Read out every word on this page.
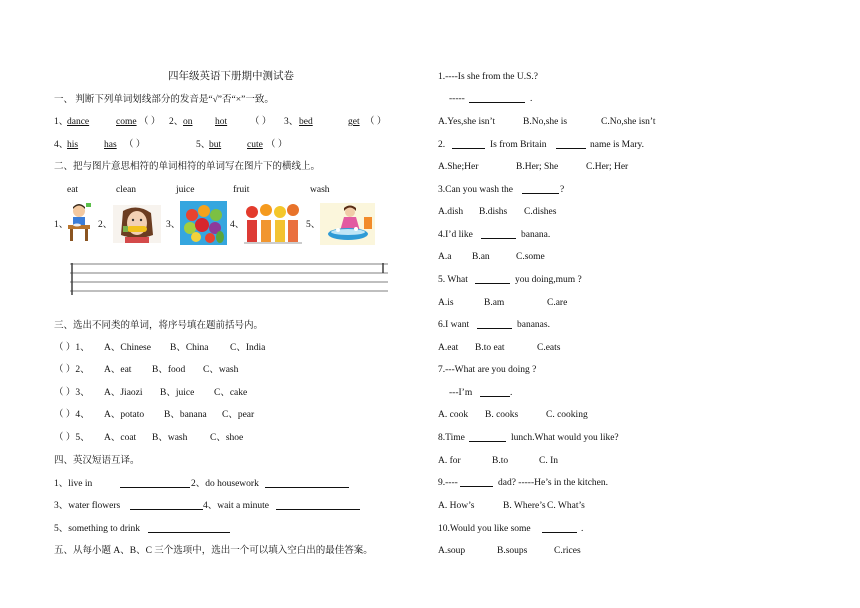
四年级英语下册期中测试卷
一、 判断下列单词划线部分的发音是“√”否“×”一致。
1、
dance	come （ ） 2、 on hot （ ） 3、 bed	get （ ）
4、
his	has （ ）	5、
but	cute （ ）
二、把与图片意思相符的单词相符的单词写在图片下的横线上。
eat	clean	juice	fruit	wash
1、	2、	3、	4、	5、
三、选出不同类的单词，将序号填在题前括号内。
（ ）1、 A、Chinese B、China C、India
（ ）2、 A、eat B、food C、wash
（ ）3、 A、Jiaozi B、juice C、cake
（ ）4、 A、potato B、banana C、pear
（ ）5、 A、coat B、wash C、shoe
四、英汉短语互译。
1、live in	2、do housework
3、water flowers	4、wait a minute
5、something to drink
五、从每小题 A、B、C 三个选项中，选出一个可以填入空白出的最佳答案。
1.----Is she from the U.S.?
-----	.
A.Yes,she isn’t	B.No,she is	C.No,she isn’t
2.	Is from Britain	name is Mary.
A.She;Her	B.Her; She	C.Her; Her
3.Can you wash the	?
A.dish B.dishs C.dishes
4.I’d like	banana.
A.a B.an	C.some
5. What	you doing,mum ?
A.is	B.am	C.are
6.I want	bananas.
A.eat B.to eat	C.eats
7.---What are you doing ?
---I’m	.
A. cook B. cooks	C. cooking
8.Time	lunch.What would you like?
A. for	B.to	C. In
9.----	dad? -----He’s in the kitchen.
A. How’s	B. Where’s C. What’s
10.Would you like some	.
A.soup	B.soups	C.rices
